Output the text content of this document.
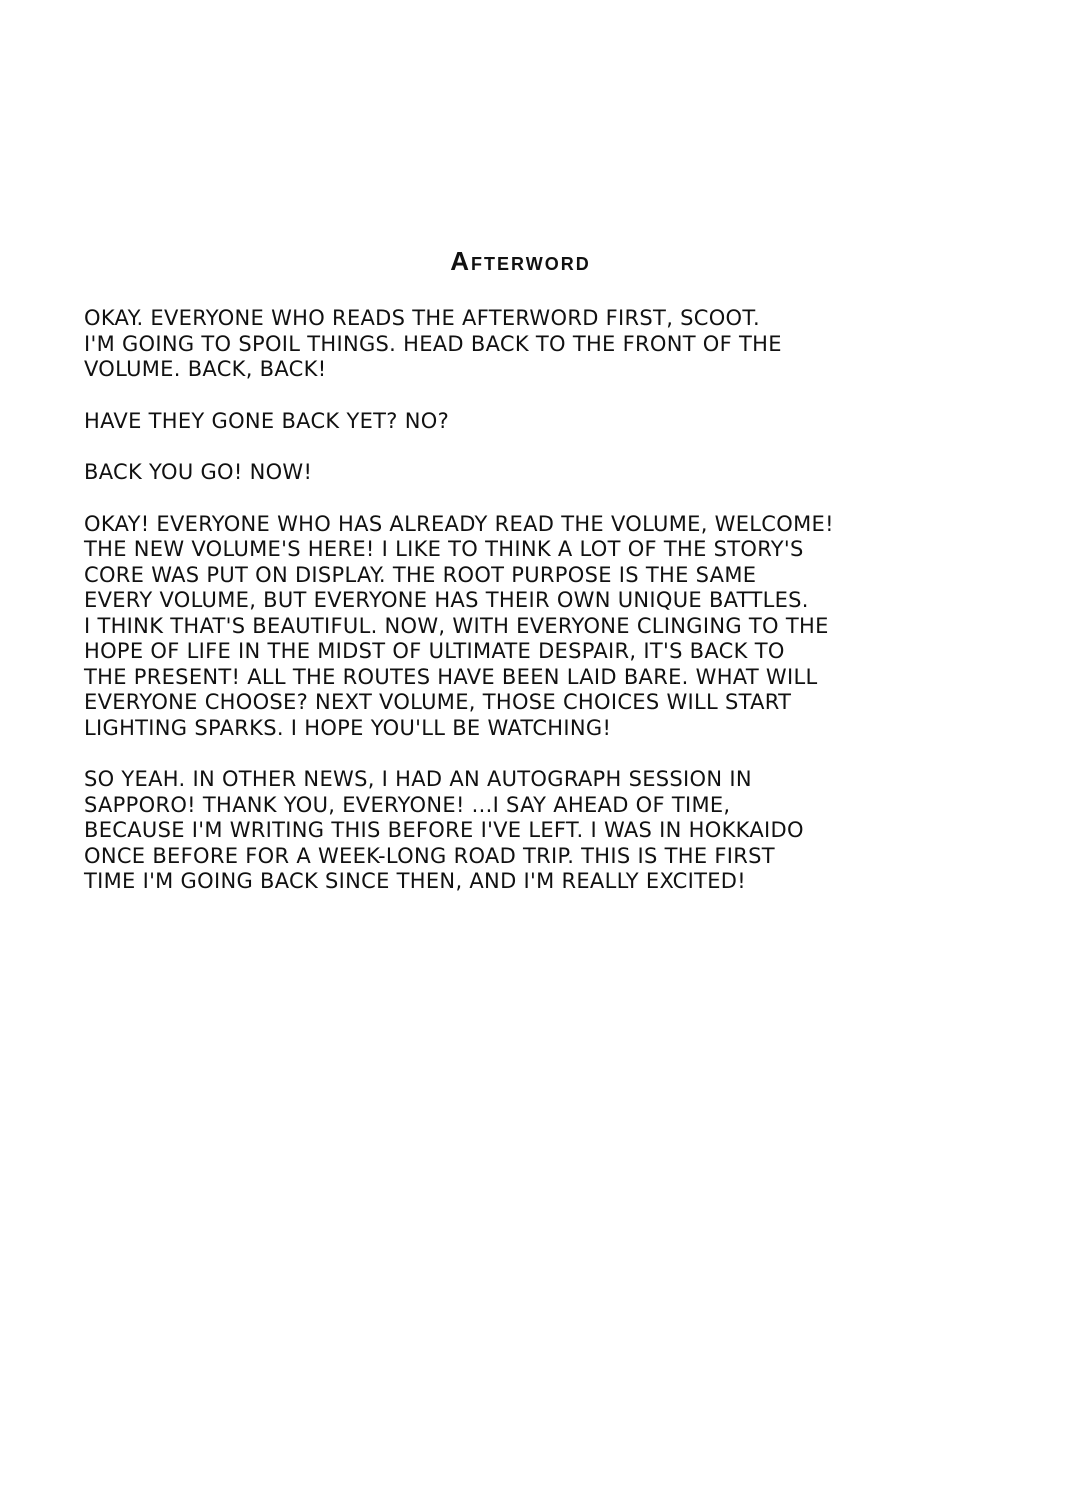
Afterword

OKAY. EVERYONE WHO READS THE AFTERWORD FIRST, SCOOT.
I'M GOING TO SPOIL THINGS. HEAD BACK TO THE FRONT OF THE
VOLUME. BACK, BACK!

HAVE THEY GONE BACK YET? NO?

BACK YOU GO! NOW!

OKAY! EVERYONE WHO HAS ALREADY READ THE VOLUME, WELCOME!
THE NEW VOLUME'S HERE! I LIKE TO THINK A LOT OF THE STORY'S
CORE WAS PUT ON DISPLAY. THE ROOT PURPOSE IS THE SAME
EVERY VOLUME, BUT EVERYONE HAS THEIR OWN UNIQUE BATTLES.
I THINK THAT'S BEAUTIFUL. NOW, WITH EVERYONE CLINGING TO THE
HOPE OF LIFE IN THE MIDST OF ULTIMATE DESPAIR, IT'S BACK TO
THE PRESENT! ALL THE ROUTES HAVE BEEN LAID BARE. WHAT WILL
EVERYONE CHOOSE? NEXT VOLUME, THOSE CHOICES WILL START
LIGHTING SPARKS. I HOPE YOU'LL BE WATCHING!

SO YEAH. IN OTHER NEWS, I HAD AN AUTOGRAPH SESSION IN
SAPPORO! THANK YOU, EVERYONE! ...I SAY AHEAD OF TIME,
BECAUSE I'M WRITING THIS BEFORE I'VE LEFT. I WAS IN HOKKAIDO
ONCE BEFORE FOR A WEEK-LONG ROAD TRIP. THIS IS THE FIRST
TIME I'M GOING BACK SINCE THEN, AND I'M REALLY EXCITED!
